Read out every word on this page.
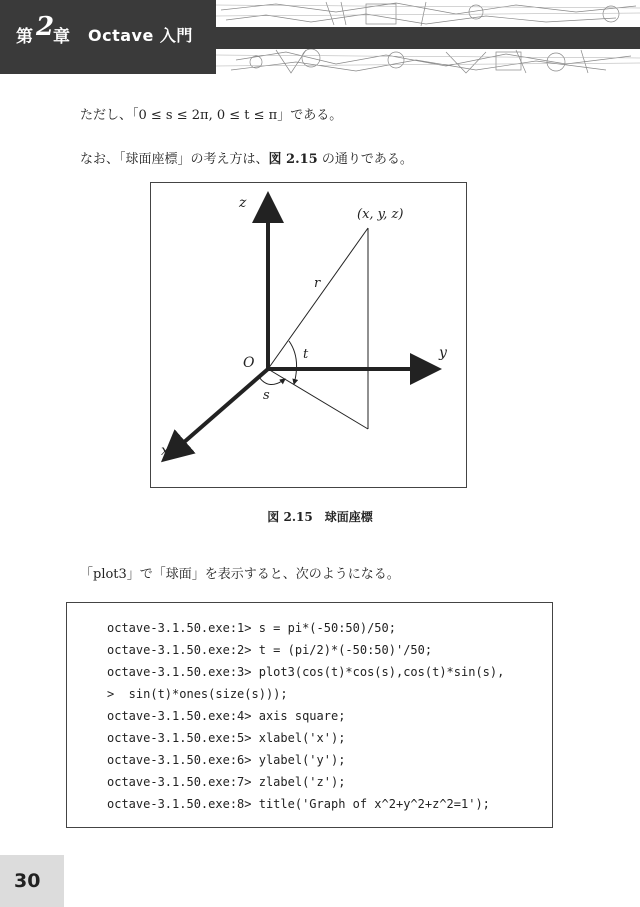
第 2
章 Octave 入門
ただし、「0 ≤ s ≤ 2π, 0 ≤ t ≤ π」である。
なお、「球面座標」の考え方は、図 2.15 の通りである。
z
y
x
O
(x, y, z)
r
t
s
図 2.15　球面座標
「plot3」で「球面」を表示すると、次のようになる。
octave-3.1.50.exe:1> s = pi*(-50:50)/50;
octave-3.1.50.exe:2> t = (pi/2)*(-50:50)'/50;
octave-3.1.50.exe:3> plot3(cos(t)*cos(s),cos(t)*sin(s),
>  sin(t)*ones(size(s)));
octave-3.1.50.exe:4> axis square;
octave-3.1.50.exe:5> xlabel('x');
octave-3.1.50.exe:6> ylabel('y');
octave-3.1.50.exe:7> zlabel('z');
octave-3.1.50.exe:8> title('Graph of x^2+y^2+z^2=1');
30
